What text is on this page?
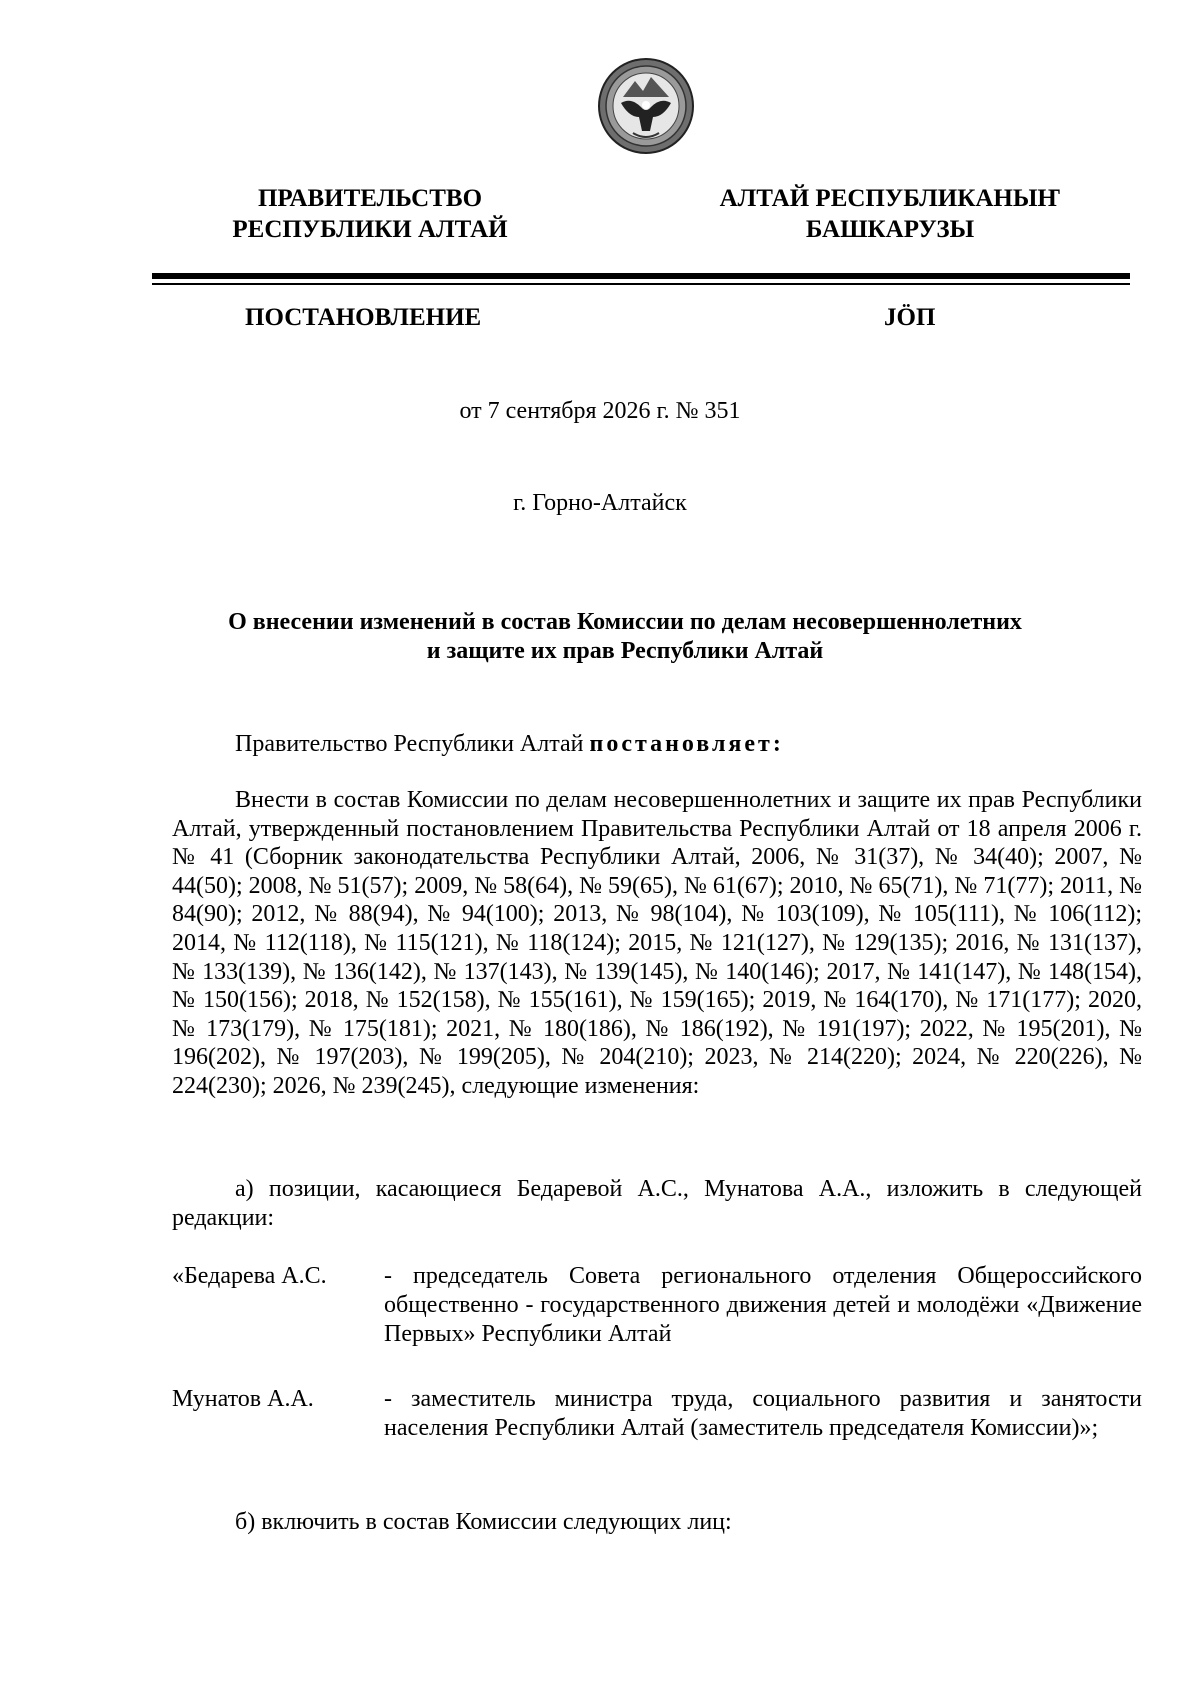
ПРАВИТЕЛЬСТВО
РЕСПУБЛИКИ АЛТАЙ
АЛТАЙ РЕСПУБЛИКАНЫҤ
БАШКАРУЗЫ
ПОСТАНОВЛЕНИЕ	ЈӦП
от 7 сентября 2026 г. № 351
г. Горно-Алтайск
О внесении изменений в состав Комиссии по делам несовершеннолетних
и защите их прав Республики Алтай
Правительство Республики Алтай постановляет:
Внести в состав Комиссии по делам несовершеннолетних и защите их прав Республики Алтай, утвержденный постановлением Правительства Республики Алтай от 18 апреля 2006 г. № 41 (Сборник законодательства Республики Алтай, 2006, № 31(37), № 34(40); 2007, № 44(50); 2008, № 51(57); 2009, № 58(64), № 59(65), № 61(67); 2010, № 65(71), № 71(77); 2011, № 84(90); 2012, № 88(94), № 94(100); 2013, № 98(104), № 103(109), № 105(111), № 106(112); 2014, № 112(118), № 115(121), № 118(124); 2015, № 121(127), № 129(135); 2016, № 131(137), № 133(139), № 136(142), № 137(143), № 139(145), № 140(146); 2017, № 141(147), № 148(154), № 150(156); 2018, № 152(158), № 155(161), № 159(165); 2019, № 164(170), № 171(177); 2020, № 173(179), № 175(181); 2021, № 180(186), № 186(192), № 191(197); 2022, № 195(201), № 196(202), № 197(203), № 199(205), № 204(210); 2023, № 214(220); 2024, № 220(226), № 224(230); 2026, № 239(245), следующие изменения:
а) позиции, касающиеся Бедаревой А.С., Мунатова А.А., изложить в следующей редакции:
«Бедарева А.С.	- председатель Совета регионального отделения Общероссийского общественно - государственного движения детей и молодёжи «Движение Первых» Республики Алтай
Мунатов А.А.	- заместитель министра труда, социального развития и занятости населения Республики Алтай (заместитель председателя Комиссии)»;
б) включить в состав Комиссии следующих лиц:
